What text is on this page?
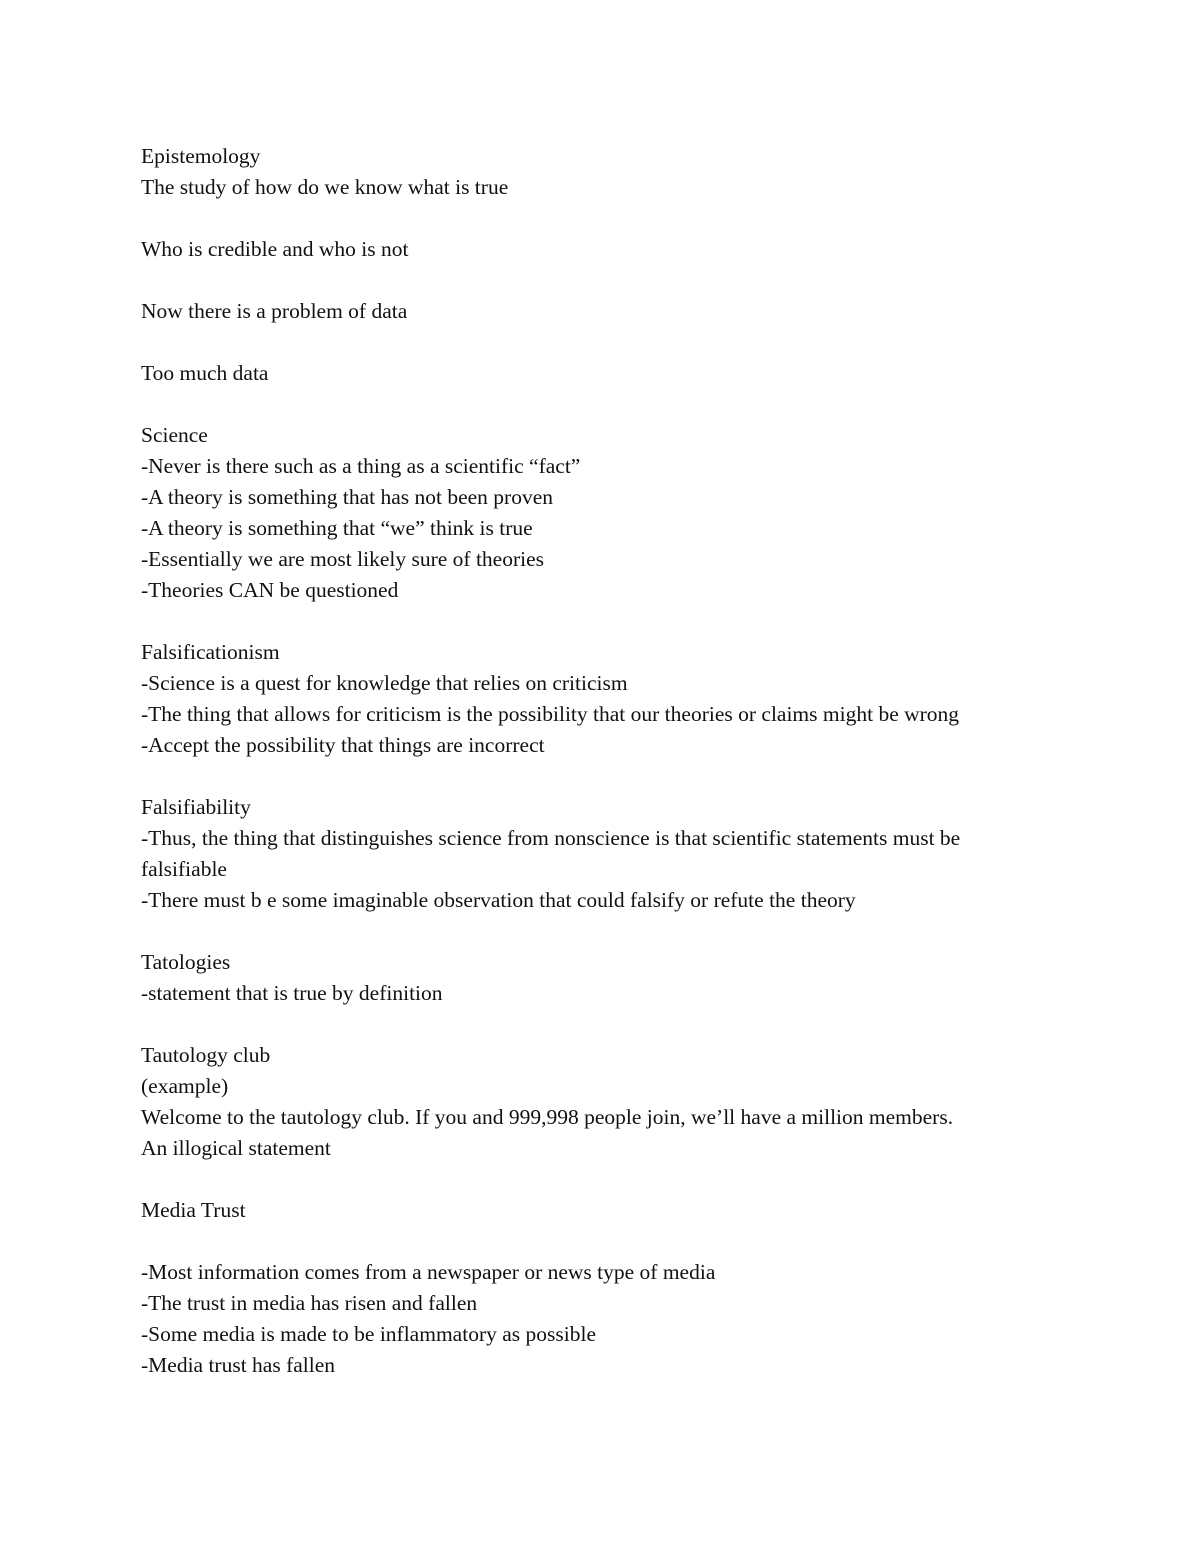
Epistemology
The study of how do we know what is true
Who is credible and who is not
Now there is a problem of data
Too much data
Science
-Never is there such as a thing as a scientific “fact”
-A theory is something that has not been proven
-A theory is something that “we” think is true
-Essentially we are most likely sure of theories
-Theories CAN be questioned
Falsificationism
-Science is a quest for knowledge that relies on criticism
-The thing that allows for criticism is the possibility that our theories or claims might be wrong
-Accept the possibility that things are incorrect
Falsifiability
-Thus, the thing that distinguishes science from nonscience is that scientific statements must be
falsifiable
-There must b e some imaginable observation that could falsify or refute the theory
Tatologies
-statement that is true by definition
Tautology club
(example)
Welcome to the tautology club. If you and 999,998 people join, we’ll have a million members.
An illogical statement
Media Trust
-Most information comes from a newspaper or news type of media
-The trust in media has risen and fallen
-Some media is made to be inflammatory as possible
-Media trust has fallen
